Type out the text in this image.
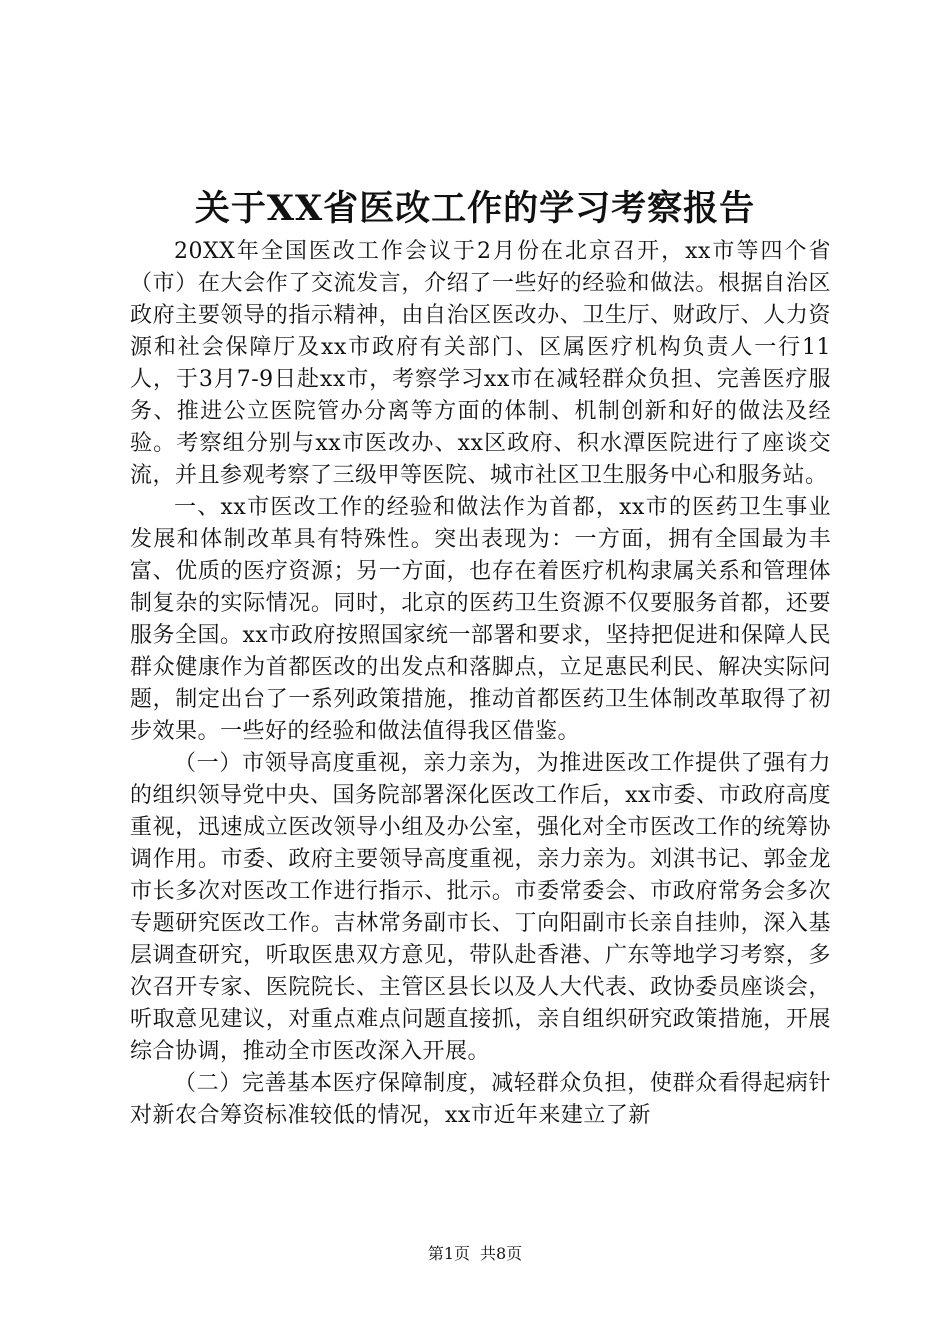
关于XX省医改工作的学习考察报告

20XX年全国医改工作会议于2月份在北京召开，xx市等四个省（市）在大会作了交流发言，介绍了一些好的经验和做法。根据自治区政府主要领导的指示精神，由自治区医改办、卫生厅、财政厅、人力资源和社会保障厅及xx市政府有关部门、区属医疗机构负责人一行11人，于3月7-9日赴xx市，考察学习xx市在减轻群众负担、完善医疗服务、推进公立医院管办分离等方面的体制、机制创新和好的做法及经验。考察组分别与xx市医改办、xx区政府、积水潭医院进行了座谈交流，并且参观考察了三级甲等医院、城市社区卫生服务中心和服务站。

一、xx市医改工作的经验和做法作为首都，xx市的医药卫生事业发展和体制改革具有特殊性。突出表现为：一方面，拥有全国最为丰富、优质的医疗资源；另一方面，也存在着医疗机构隶属关系和管理体制复杂的实际情况。同时，北京的医药卫生资源不仅要服务首都，还要服务全国。xx市政府按照国家统一部署和要求，坚持把促进和保障人民群众健康作为首都医改的出发点和落脚点，立足惠民利民、解决实际问题，制定出台了一系列政策措施，推动首都医药卫生体制改革取得了初步效果。一些好的经验和做法值得我区借鉴。

（一）市领导高度重视，亲力亲为，为推进医改工作提供了强有力的组织领导党中央、国务院部署深化医改工作后，xx市委、市政府高度重视，迅速成立医改领导小组及办公室，强化对全市医改工作的统筹协调作用。市委、政府主要领导高度重视，亲力亲为。刘淇书记、郭金龙市长多次对医改工作进行指示、批示。市委常委会、市政府常务会多次专题研究医改工作。吉林常务副市长、丁向阳副市长亲自挂帅，深入基层调查研究，听取医患双方意见，带队赴香港、广东等地学习考察，多次召开专家、医院院长、主管区县长以及人大代表、政协委员座谈会，听取意见建议，对重点难点问题直接抓，亲自组织研究政策措施，开展综合协调，推动全市医改深入开展。

（二）完善基本医疗保障制度，减轻群众负担，使群众看得起病针对新农合筹资标准较低的情况，xx市近年来建立了新

第1页 共8页
